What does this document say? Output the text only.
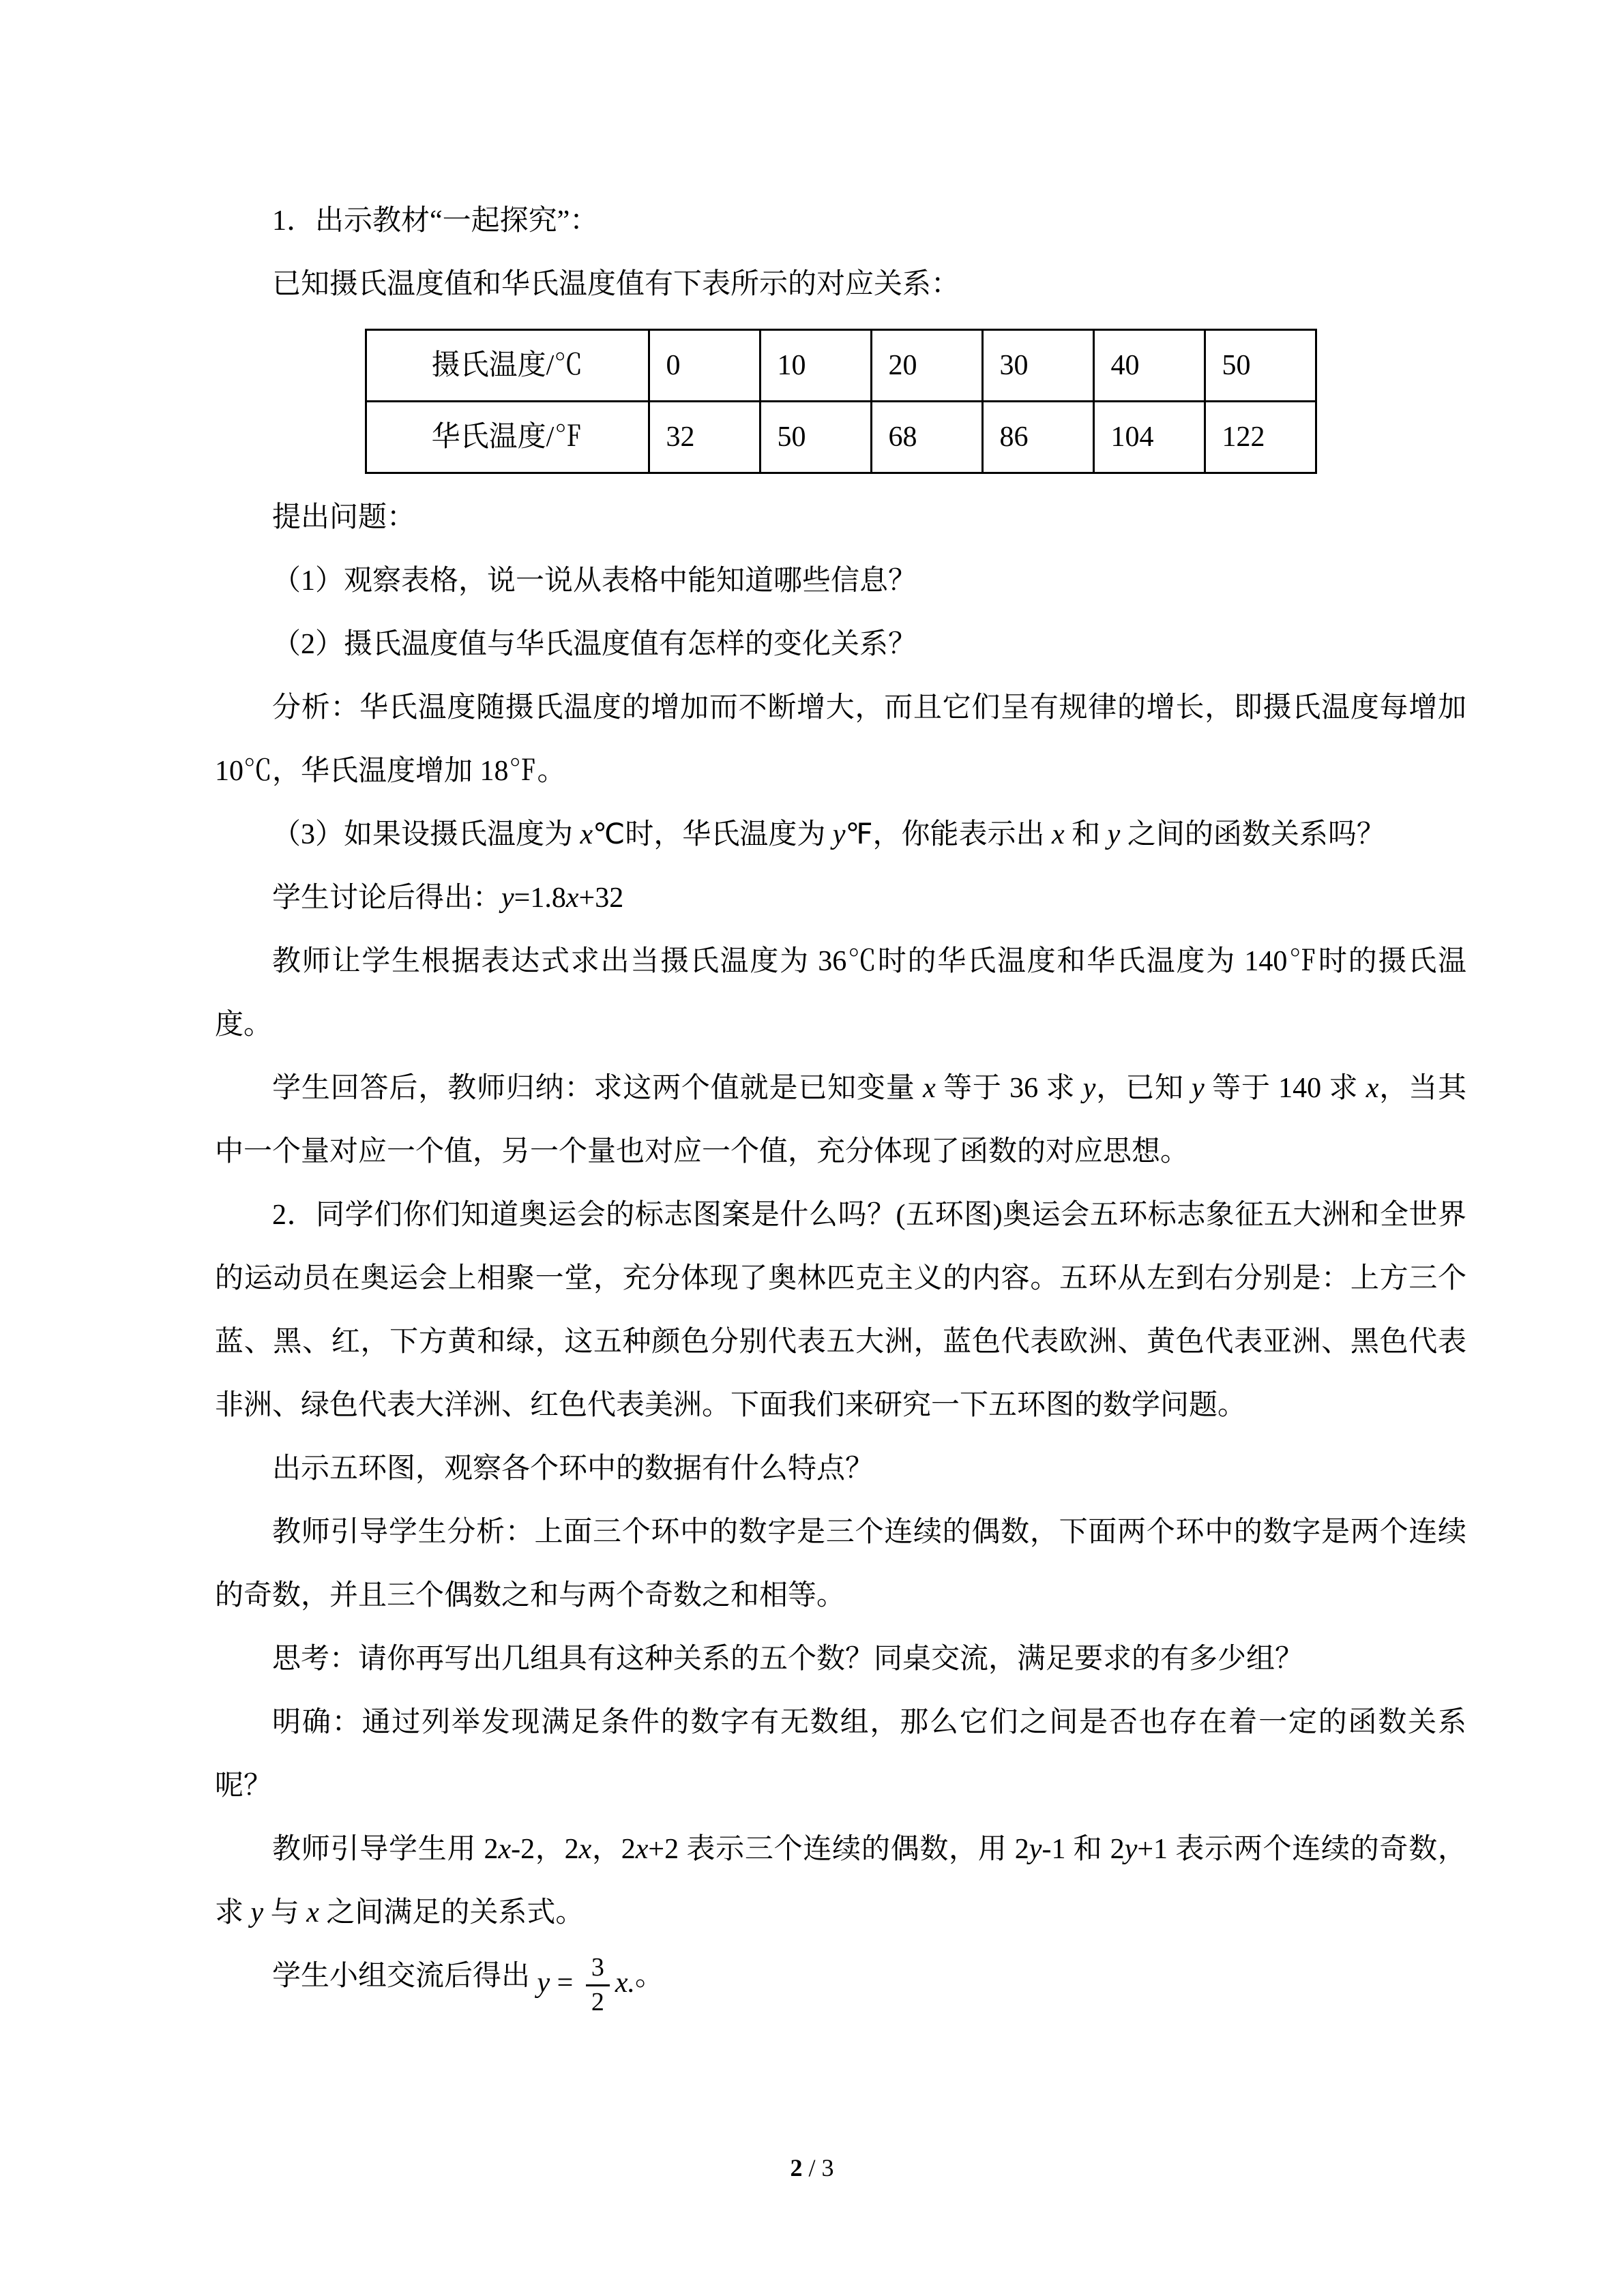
1．出示教材“一起探究”：

已知摄氏温度值和华氏温度值有下表所示的对应关系：

摄氏温度/℃	0	10	20	30	40	50
华氏温度/℉	32	50	68	86	104	122

提出问题：

（1）观察表格，说一说从表格中能知道哪些信息？

（2）摄氏温度值与华氏温度值有怎样的变化关系？

分析：华氏温度随摄氏温度的增加而不断增大，而且它们呈有规律的增长，即摄氏温度每增加 10℃，华氏温度增加 18℉。

（3）如果设摄氏温度为 x℃时，华氏温度为 y℉，你能表示出 x 和 y 之间的函数关系吗？

学生讨论后得出：y=1.8x+32

教师让学生根据表达式求出当摄氏温度为 36℃时的华氏温度和华氏温度为 140℉时的摄氏温度。

学生回答后，教师归纳：求这两个值就是已知变量 x 等于 36 求 y，已知 y 等于 140 求 x，当其中一个量对应一个值，另一个量也对应一个值，充分体现了函数的对应思想。

2．同学们你们知道奥运会的标志图案是什么吗？(五环图)奥运会五环标志象征五大洲和全世界的运动员在奥运会上相聚一堂，充分体现了奥林匹克主义的内容。五环从左到右分别是：上方三个蓝、黑、红，下方黄和绿，这五种颜色分别代表五大洲，蓝色代表欧洲、黄色代表亚洲、黑色代表非洲、绿色代表大洋洲、红色代表美洲。下面我们来研究一下五环图的数学问题。

出示五环图，观察各个环中的数据有什么特点？

教师引导学生分析：上面三个环中的数字是三个连续的偶数，下面两个环中的数字是两个连续的奇数，并且三个偶数之和与两个奇数之和相等。

思考：请你再写出几组具有这种关系的五个数？同桌交流，满足要求的有多少组？

明确：通过列举发现满足条件的数字有无数组，那么它们之间是否也存在着一定的函数关系呢？

教师引导学生用 2x-2，2x，2x+2 表示三个连续的偶数，用 2y-1 和 2y+1 表示两个连续的奇数，求 y 与 x 之间满足的关系式。

学生小组交流后得出 $y = \frac{3}{2} x$.。

2 / 3
